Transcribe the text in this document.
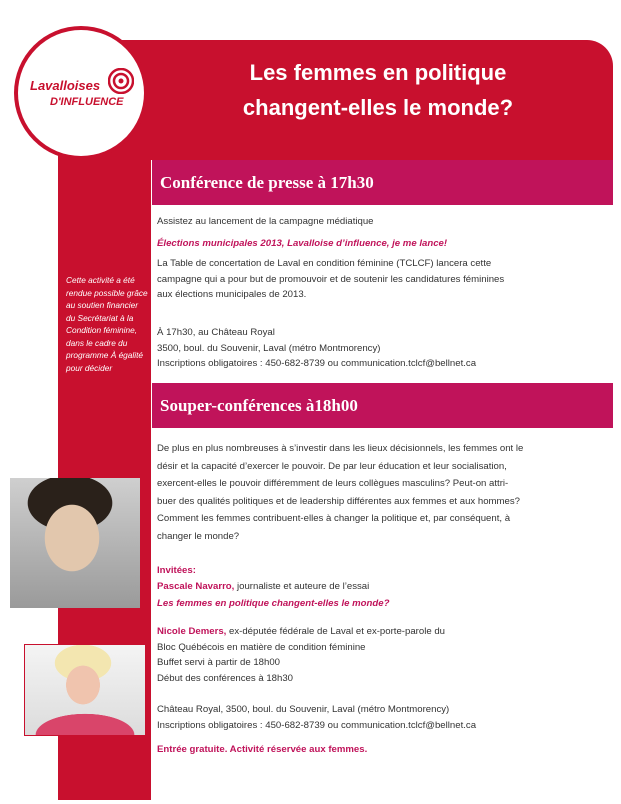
Les femmes en politique
changent-elles le monde?
Cette activité a été
rendue possible grâce
au soutien financier
du Secrétariat à la
Condition féminine,
dans le cadre du
programme À égalité
pour décider
Lavalloises
D'INFLUENCE
Conférence de presse à 17h30
Assistez au lancement de la campagne médiatique
Élections municipales 2013, Lavalloise d’influence, je me lance!
La Table de concertation de Laval en condition féminine (TCLCF) lancera cette
campagne qui a pour but de promouvoir et de soutenir les candidatures féminines
aux élections municipales de 2013.
À 17h30, au Château Royal
3500, boul. du Souvenir, Laval (métro Montmorency)
Inscriptions obligatoires : 450-682-8739 ou communication.tclcf@bellnet.ca
Souper-conférences à18h00
De plus en plus nombreuses à s’investir dans les lieux décisionnels, les femmes ont le
désir et la capacité d’exercer le pouvoir. De par leur éducation et leur socialisation,
exercent-elles le pouvoir différemment de leurs collègues masculins? Peut-on attri-
buer des qualités politiques et de leadership différentes aux femmes et aux hommes?
Comment les femmes contribuent-elles à changer la politique et, par conséquent, à
changer le monde?
Invitées:
Pascale Navarro, journaliste et auteure de l’essai
Les femmes en politique changent-elles le monde?
Nicole Demers, ex-députée fédérale de Laval et ex-porte-parole du
Bloc Québécois en matière de condition féminine
Buffet servi à partir de 18h00
Début des conférences à 18h30
Château Royal, 3500, boul. du Souvenir, Laval (métro Montmorency)
Inscriptions obligatoires : 450-682-8739 ou communication.tclcf@bellnet.ca
Entrée gratuite. Activité réservée aux femmes.
